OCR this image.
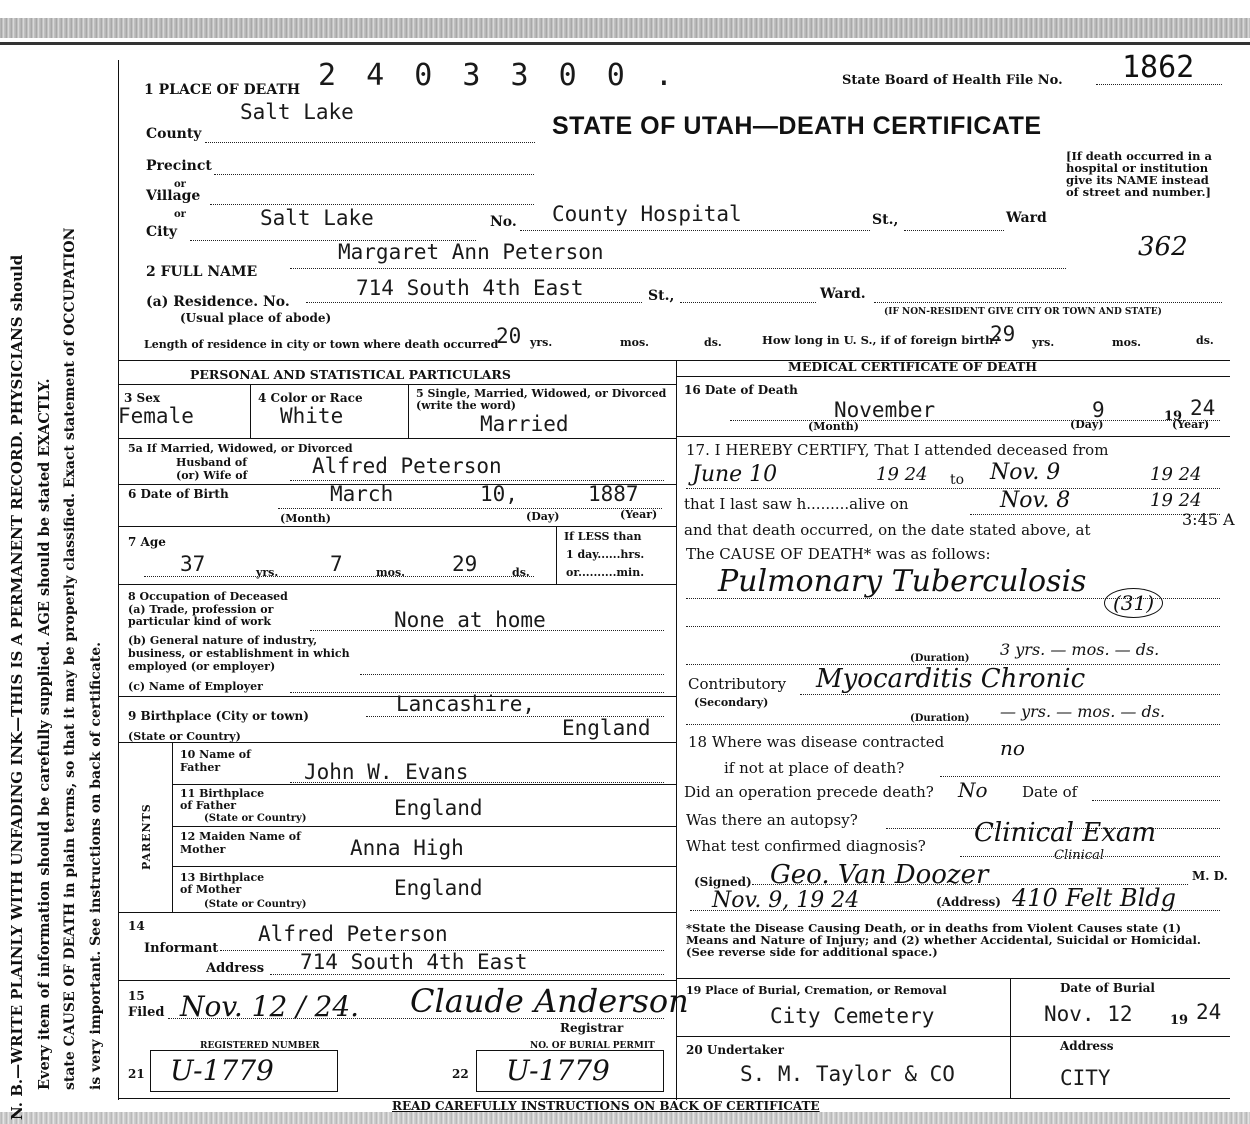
N. B.—WRITE PLAINLY WITH UNFADING INK—THIS IS A PERMANENT RECORD. PHYSICIANS should Every item of information should be carefully supplied. AGE should be stated EXACTLY. state CAUSE OF DEATH in plain terms, so that it may be properly classified. Exact statement of OCCUPATION is very important. See instructions on back of certificate.
2 4 0 3 3 0 0 .	State Board of Health File No. 1862
362
STATE OF UTAH—DEATH CERTIFICATE
[If death occurred in a hospital or institution give its NAME instead of street and number.]
1 PLACE OF DEATH
Salt Lake
County
Precinct
or
Village
or
City
Salt Lake	No. County Hospital	St.,	Ward
Margaret Ann Peterson
2 FULL NAME
(a) Residence. No.
714 South 4th East	St.,	Ward.
(IF NON-RESIDENT GIVE CITY OR TOWN AND STATE)
(Usual place of abode)
Length of residence in city or town where death occurred
20 yrs.	mos.	ds.	How long in U. S., if of foreign birth?
29 yrs.	mos.	ds.
PERSONAL AND STATISTICAL PARTICULARS
3 Sex
Female
4 Color or Race
White
5 Single, Married, Widowed, or Divorced (write the word)
Married
5a If Married, Widowed, or Divorced
Husband of
(or) Wife of	Alfred Peterson
6 Date of Birth	March	10,	1887
(Month)	(Day)	(Year)
7 Age
37	yrs. 7	mos. 29	ds.
If LESS than
1 day......hrs.
or..........min.
8 Occupation of Deceased
(a) Trade, profession or particular kind of work	None at home
(b) General nature of industry, business, or establishment in which employed (or employer)
(c) Name of Employer
9 Birthplace (City or town)	Lancashire,
(State or Country)	England
PARENTS
10 Name of Father	John W. Evans
11 Birthplace of Father
(State or Country)	England
12 Maiden Name of Mother	Anna High
13 Birthplace of Mother
(State or Country)
England
14
Informant
Alfred Peterson
Address 714 South 4th East
15
Filed Nov. 12 / 24. Claude Anderson
Registrar
REGISTERED NUMBER	NO. OF BURIAL PERMIT
21 U-1779	22 U-1779
MEDICAL CERTIFICATE OF DEATH
16 Date of Death
November	9	19 24
(Month)	(Day)	(Year)
17. I HEREBY CERTIFY, That I attended deceased from
June 10	19 24 to Nov. 9	19 24
that I last saw h.........alive on	Nov. 8	19 24
and that death occurred, on the date stated above, at
3:45 A
The CAUSE OF DEATH* was as follows:
Pulmonary Tuberculosis
(31)
(Duration) 3 yrs. — mos. — ds.
Contributory
(Secondary)
Myocarditis Chronic
(Duration) — yrs. — mos. — ds.
18 Where was disease contracted	no
if not at place of death?
Did an operation precede death? No Date of
Was there an autopsy?
What test confirmed diagnosis? Clinical Exam
Clinical
(Signed) Geo. Van Doozer	M. D.
Nov. 9, 19 24	(Address) 410 Felt Bldg
*State the Disease Causing Death, or in deaths from Violent Causes state (1) Means and Nature of Injury; and (2) whether Accidental, Suicidal or Homicidal. (See reverse side for additional space.)
19 Place of Burial, Cremation, or Removal
City Cemetery
Date of Burial
Nov. 12	19 24
20 Undertaker
S. M. Taylor & CO
Address
CITY
READ CAREFULLY INSTRUCTIONS ON BACK OF CERTIFICATE
